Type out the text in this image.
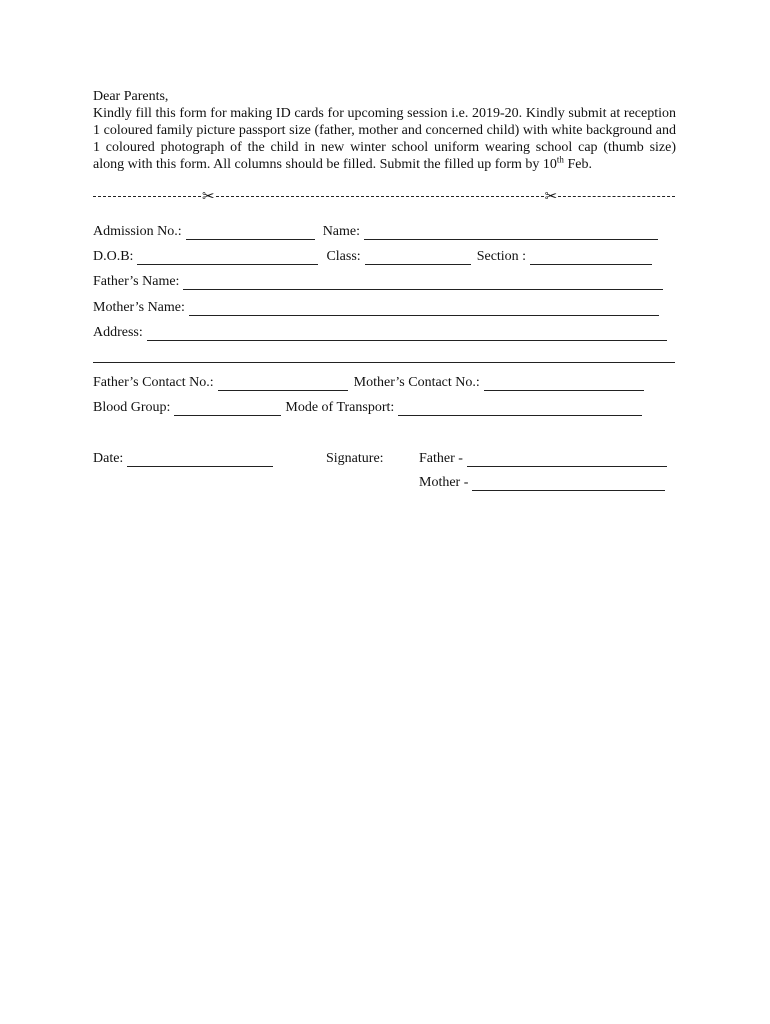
Dear Parents,

Kindly fill this form for making ID cards for upcoming session i.e. 2019-20. Kindly submit at reception 1 coloured family picture passport size (father, mother and concerned child) with white background and 1 coloured photograph of the child in new winter school uniform wearing school cap (thumb size) along with this form. All columns should be filled. Submit the filled up form by 10th Feb.

✂	✂
Admission No.:	Name:
D.O.B:	Class:	Section :
Father’s Name:
Mother’s Name:
Address:
Father’s Contact No.:	Mother’s Contact No.:
Blood Group:	Mode of Transport:
Date:	Signature:	Father -
Mother -
